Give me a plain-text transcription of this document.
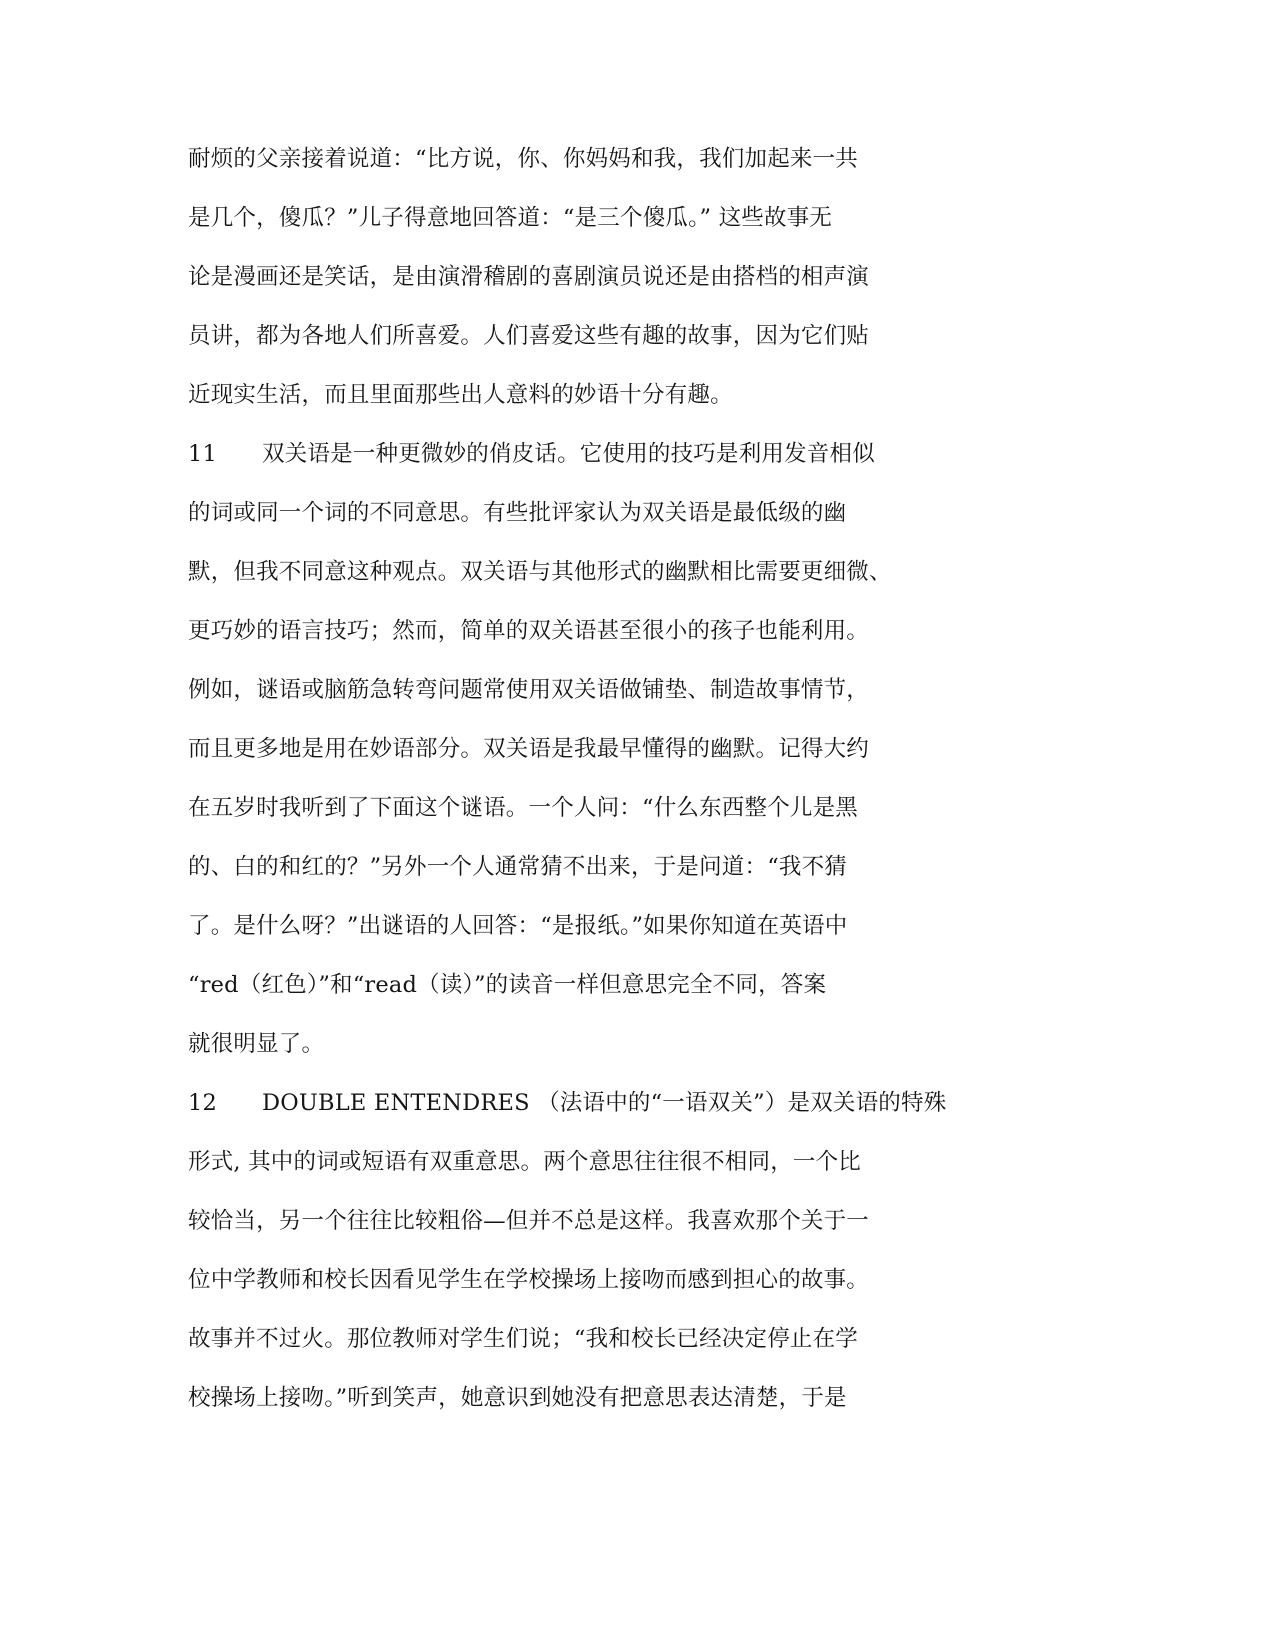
耐烦的父亲接着说道：“比方说，你、你妈妈和我，我们加起来一共
是几个，傻瓜？”儿子得意地回答道：“是三个傻瓜。” 这些故事无
论是漫画还是笑话，是由演滑稽剧的喜剧演员说还是由搭档的相声演
员讲，都为各地人们所喜爱。人们喜爱这些有趣的故事，因为它们贴
近现实生活，而且里面那些出人意料的妙语十分有趣。
11 双关语是一种更微妙的俏皮话。它使用的技巧是利用发音相似
的词或同一个词的不同意思。有些批评家认为双关语是最低级的幽
默，但我不同意这种观点。双关语与其他形式的幽默相比需要更细微、
更巧妙的语言技巧；然而，简单的双关语甚至很小的孩子也能利用。
例如，谜语或脑筋急转弯问题常使用双关语做铺垫、制造故事情节，
而且更多地是用在妙语部分。双关语是我最早懂得的幽默。记得大约
在五岁时我听到了下面这个谜语。一个人问：“什么东西整个儿是黑
的、白的和红的？”另外一个人通常猜不出来，于是问道：“我不猜
了。是什么呀？”出谜语的人回答：“是报纸。”如果你知道在英语中
“red（红色）”和“read（读）”的读音一样但意思完全不同，答案
就很明显了。
12 DOUBLE ENTENDRES （法语中的“一语双关”）是双关语的特殊
形式, 其中的词或短语有双重意思。两个意思往往很不相同，一个比
较恰当，另一个往往比较粗俗—但并不总是这样。我喜欢那个关于一
位中学教师和校长因看见学生在学校操场上接吻而感到担心的故事。
故事并不过火。那位教师对学生们说；“我和校长已经决定停止在学
校操场上接吻。”听到笑声，她意识到她没有把意思表达清楚，于是
